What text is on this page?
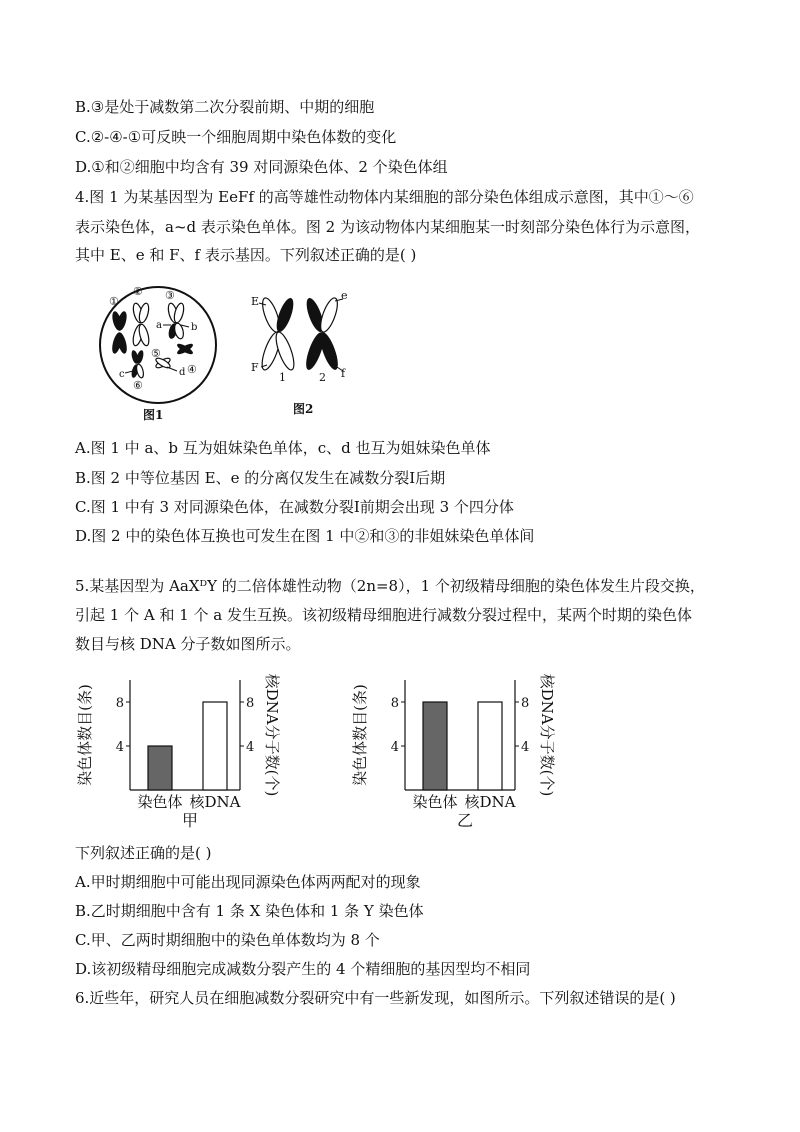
B.③是处于减数第二次分裂前期、中期的细胞
C.②-④-①可反映一个细胞周期中染色体数的变化
D.①和②细胞中均含有 39 对同源染色体、2 个染色体组
4.图 1 为某基因型为 EeFf 的高等雄性动物体内某细胞的部分染色体组成示意图，其中①～⑥
表示染色体，a~d 表示染色单体。图 2 为该动物体内某细胞某一时刻部分染色体行为示意图，
其中 E、e 和 F、f 表示基因。下列叙述正确的是( )
①
② ③
④
⑤
⑥
a	b
c	d
图1
E	e
F	f
1	2
图2
A.图 1 中 a、b 互为姐妹染色单体，c、d 也互为姐妹染色单体
B.图 2 中等位基因 E、e 的分离仅发生在减数分裂Ⅰ后期
C.图 1 中有 3 对同源染色体，在减数分裂Ⅰ前期会出现 3 个四分体
D.图 2 中的染色体互换也可发生在图 1 中②和③的非姐妹染色单体间
5.某基因型为 AaXᴰY 的二倍体雄性动物（2n=8），1 个初级精母细胞的染色体发生片段交换，
引起 1 个 A 和 1 个 a 发生互换。该初级精母细胞进行减数分裂过程中，某两个时期的染色体
数目与核 DNA 分子数如图所示。
染色体数目(条)	核DNA分子数(个)
4	4
8	8
染色体 核DNA
甲
染色体数目(条)	核DNA分子数(个)
4	4
8	8
染色体 核DNA
乙
下列叙述正确的是( )
A.甲时期细胞中可能出现同源染色体两两配对的现象
B.乙时期细胞中含有 1 条 X 染色体和 1 条 Y 染色体
C.甲、乙两时期细胞中的染色单体数均为 8 个
D.该初级精母细胞完成减数分裂产生的 4 个精细胞的基因型均不相同
6.近些年，研究人员在细胞减数分裂研究中有一些新发现，如图所示。下列叙述错误的是( )
